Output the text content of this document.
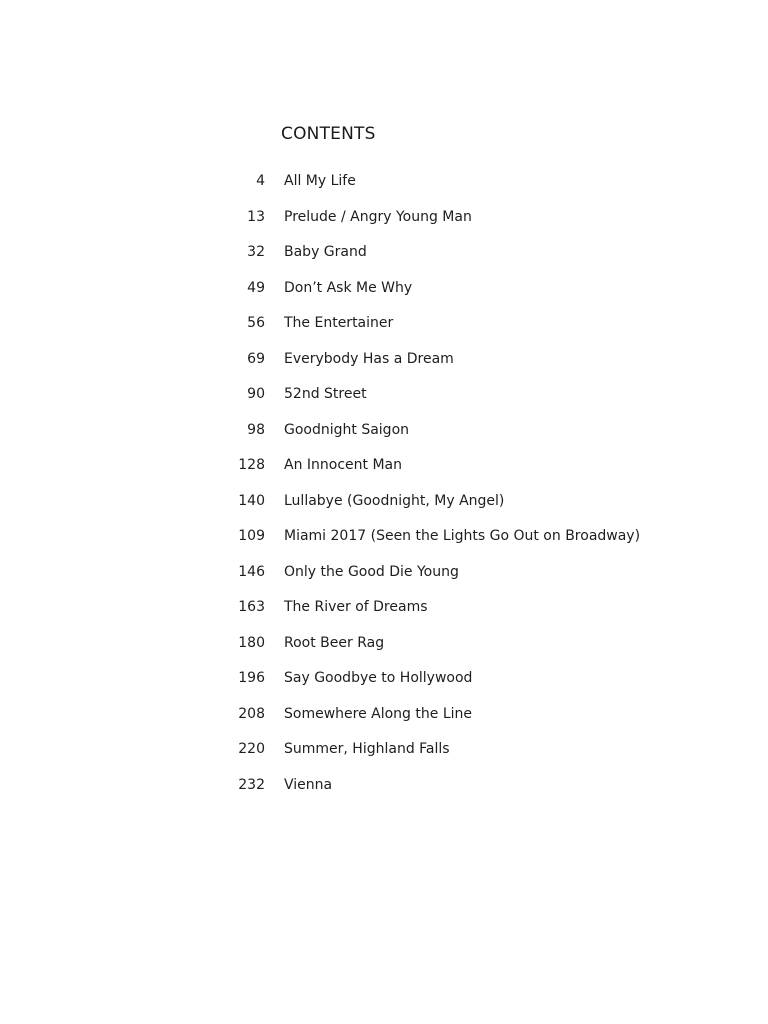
CONTENTS
4 All My Life
13 Prelude / Angry Young Man
32 Baby Grand
49 Don’t Ask Me Why
56 The Entertainer
69 Everybody Has a Dream
90 52nd Street
98 Goodnight Saigon
128 An Innocent Man
140 Lullabye (Goodnight, My Angel)
109 Miami 2017 (Seen the Lights Go Out on Broadway)
146 Only the Good Die Young
163 The River of Dreams
180 Root Beer Rag
196 Say Goodbye to Hollywood
208 Somewhere Along the Line
220 Summer, Highland Falls
232 Vienna
